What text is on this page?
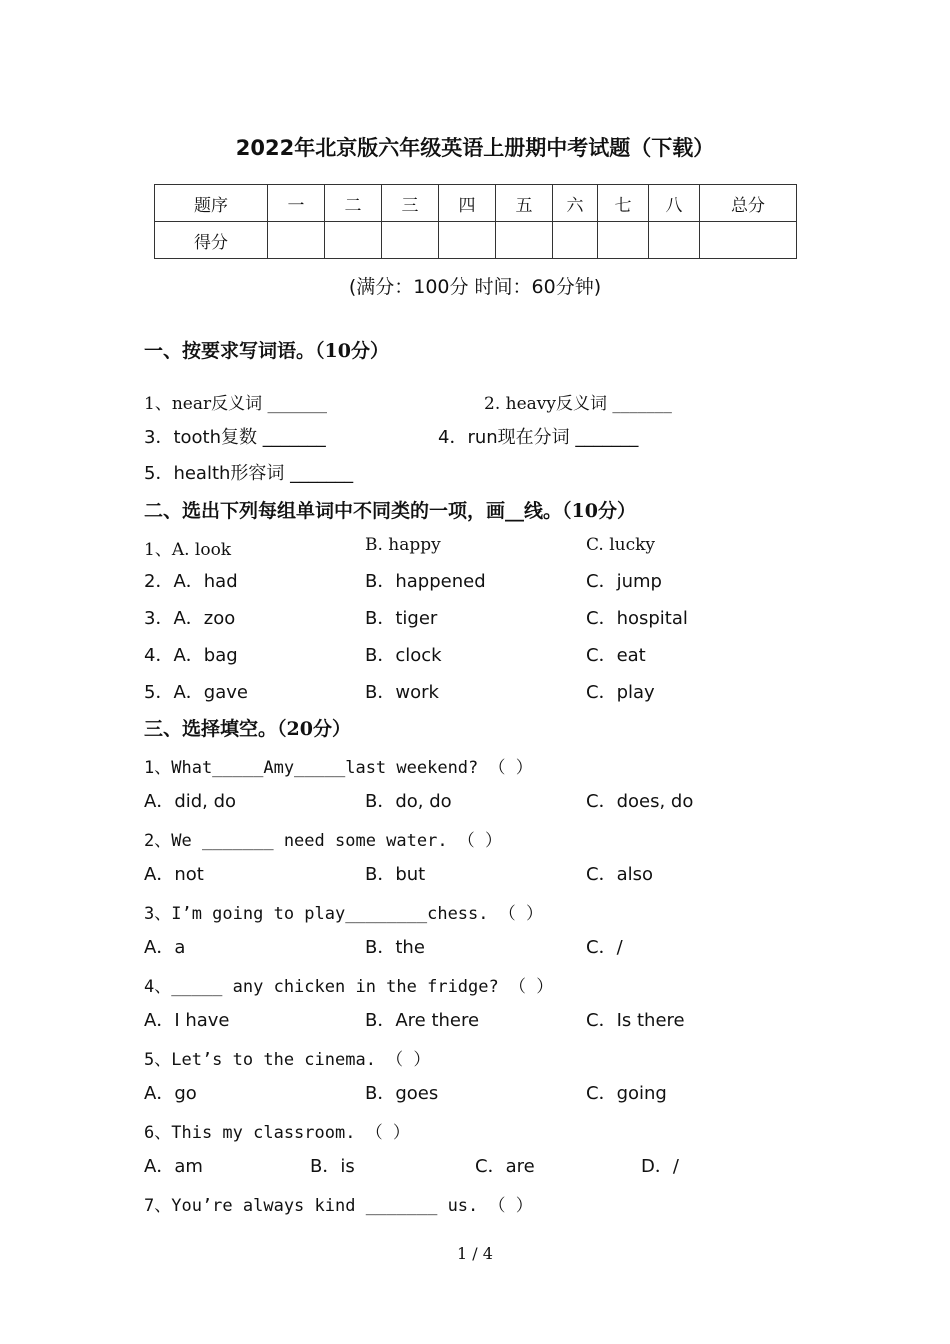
2022年北京版六年级英语上册期中考试题（下载）
题序	一	二	三	四	五	六	七	八	总分
得分									
(满分：100分 时间：60分钟)
一、按要求写词语。（10分）
1、near反义词 _______	2. heavy反义词 _______
3．tooth复数 _______	4．run现在分词 _______
5．health形容词 _______
二、选出下列每组单词中不同类的一项，画__线。（10分）
1、A. look	B. happy	C. lucky
2．A．had	B．happened	C．jump
3．A．zoo	B．tiger	C．hospital
4．A．bag	B．clock	C．eat
5．A．gave	B．work	C．play
三、选择填空。（20分）
1、What_____Amy_____last weekend? （ ）
A．did, do	B．do, do	C．does, do
2、We _______ need some water. （ ）
A．not	B．but	C．also
3、I’m going to play________chess. （ ）
A．a	B．the	C．/
4、_____ any chicken in the fridge? （ ）
A．I have	B．Are there	C．Is there
5、Let’s to the cinema. （ ）
A．go	B．goes	C．going
6、This my classroom. （ ）
A．am	B．is	C．are	D．/
7、You’re always kind _______ us. （ ）
1 / 4
